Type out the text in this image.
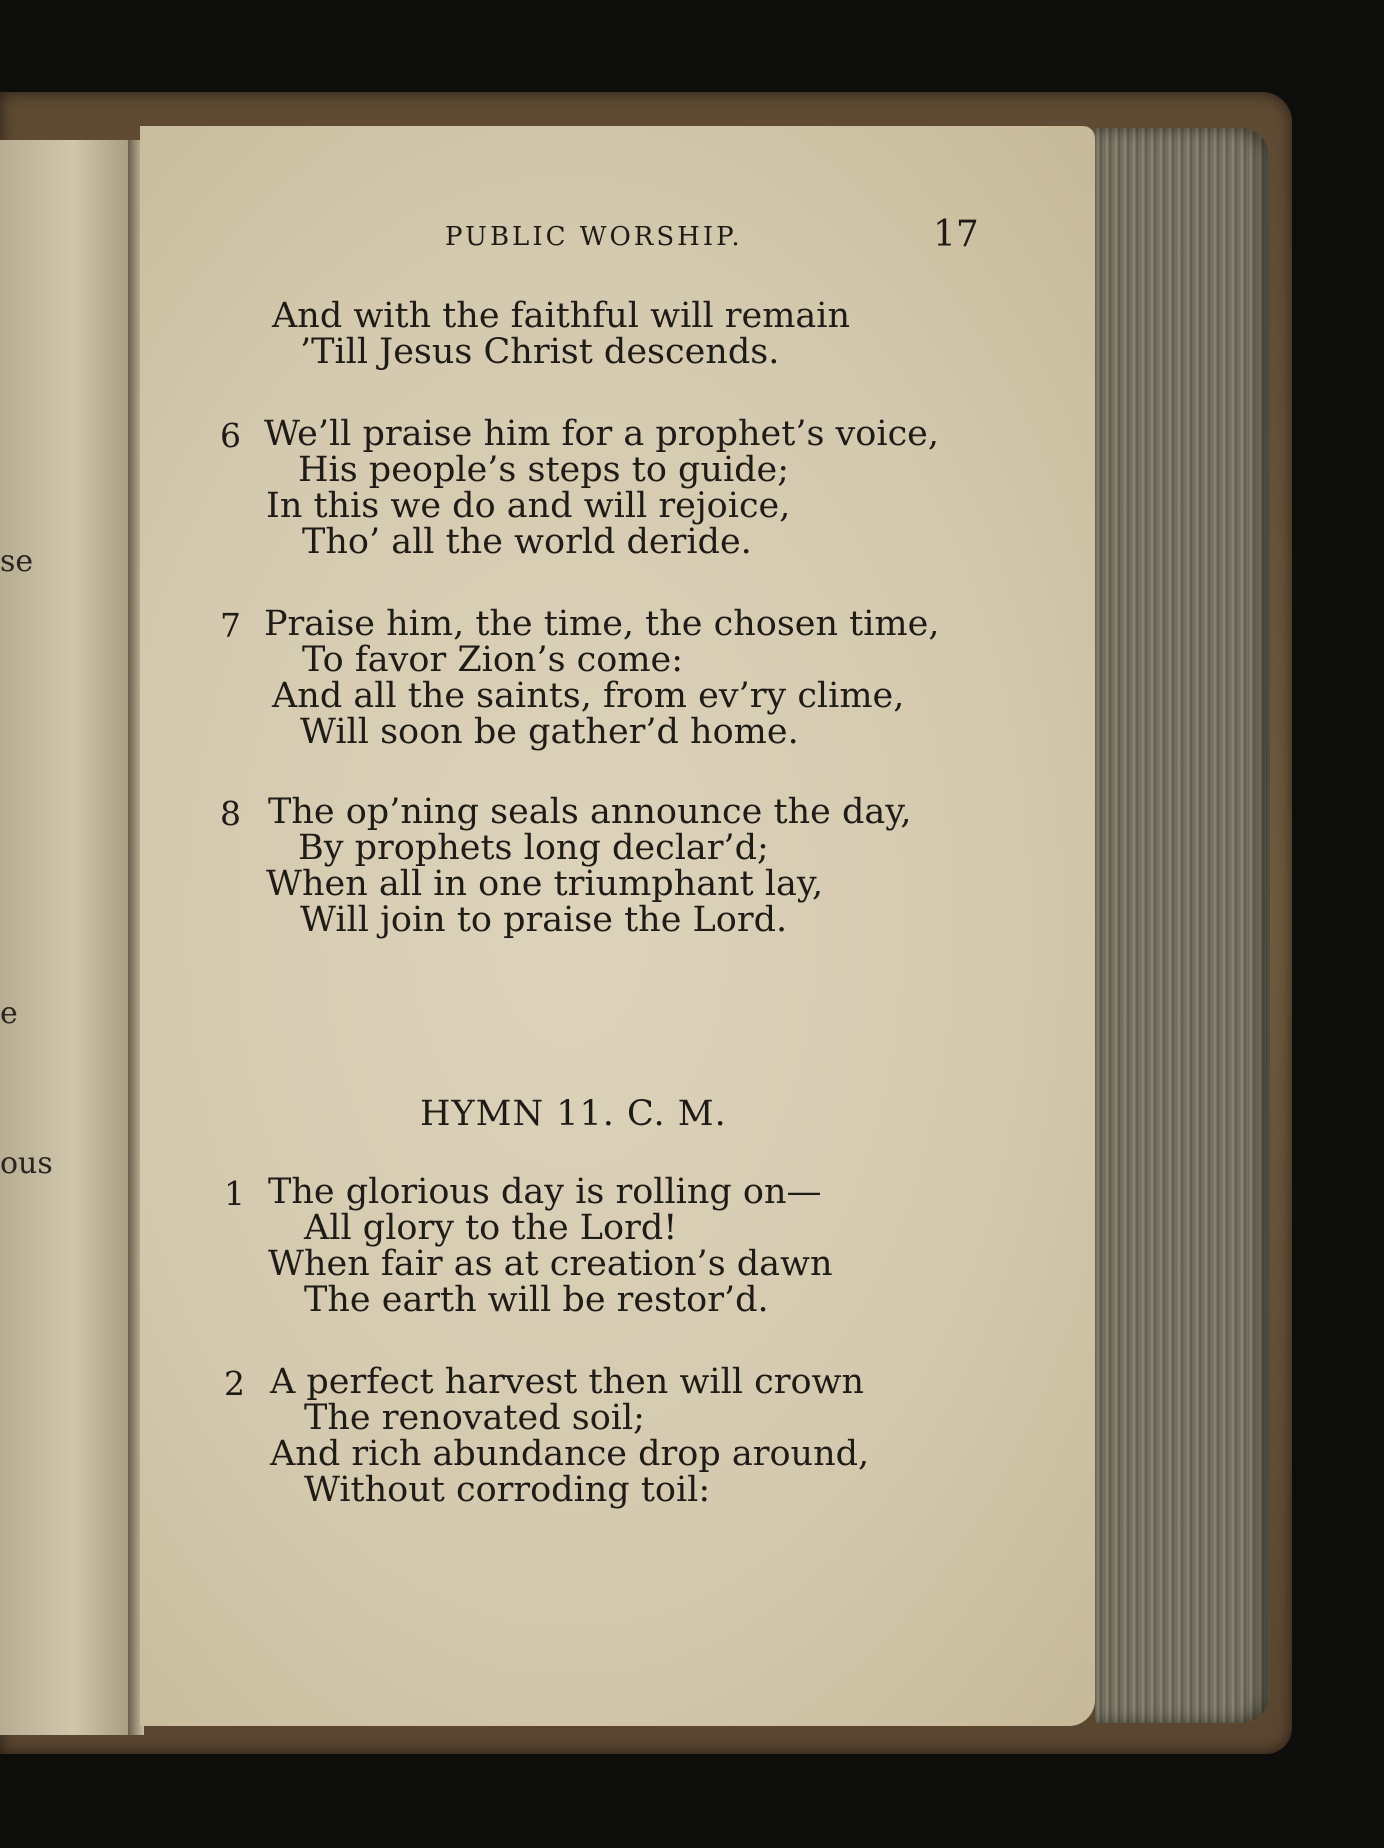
se
e
ous
PUBLIC WORSHIP.	17
And with the faithful will remain
’Till Jesus Christ descends.
6 We’ll praise him for a prophet’s voice,
His people’s steps to guide;
In this we do and will rejoice,
Tho’ all the world deride.
7 Praise him, the time, the chosen time,
To favor Zion’s come:
And all the saints, from ev’ry clime,
Will soon be gather’d home.
8 The op’ning seals announce the day,
By prophets long declar’d;
When all in one triumphant lay,
Will join to praise the Lord.
HYMN 11. C. M.
1 The glorious day is rolling on—
All glory to the Lord!
When fair as at creation’s dawn
The earth will be restor’d.
2 A perfect harvest then will crown
The renovated soil;
And rich abundance drop around,
Without corroding toil:
